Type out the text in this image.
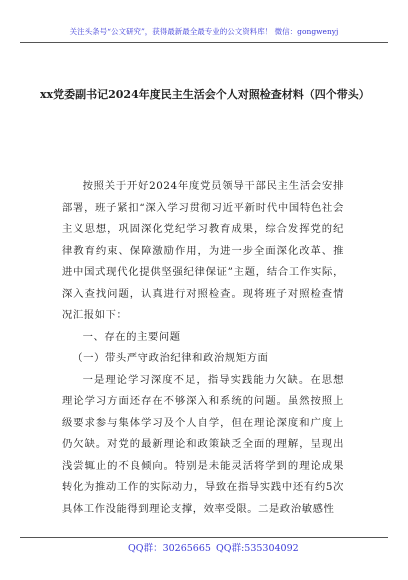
关注头条号“公文研究”，获得最新最全最专业的公文资料库！ 微信：gongwenyj
xx党委副书记2024年度民主生活会个人对照检查材料（四个带头）

按照关于开好2024年度党员领导干部民主生活会安排部署，班子紧扣“深入学习贯彻习近平新时代中国特色社会主义思想，巩固深化党纪学习教育成果，综合发挥党的纪律教育约束、保障激励作用，为进一步全面深化改革、推进中国式现代化提供坚强纪律保证”主题，结合工作实际，深入查找问题，认真进行对照检查。现将班子对照检查情况汇报如下：

一、存在的主要问题

（一）带头严守政治纪律和政治规矩方面

一是理论学习深度不足，指导实践能力欠缺。在思想理论学习方面还存在不够深入和系统的问题。虽然按照上级要求参与集体学习及个人自学，但在理论深度和广度上仍欠缺。对党的最新理论和政策缺乏全面的理解，呈现出浅尝辄止的不良倾向。特别是未能灵活将学到的理论成果转化为推动工作的实际动力，导致在指导实践中还有约5次具体工作没能得到理论支撑，效率受限。二是政治敏感性

QQ群：30265665 QQ群:535304092
